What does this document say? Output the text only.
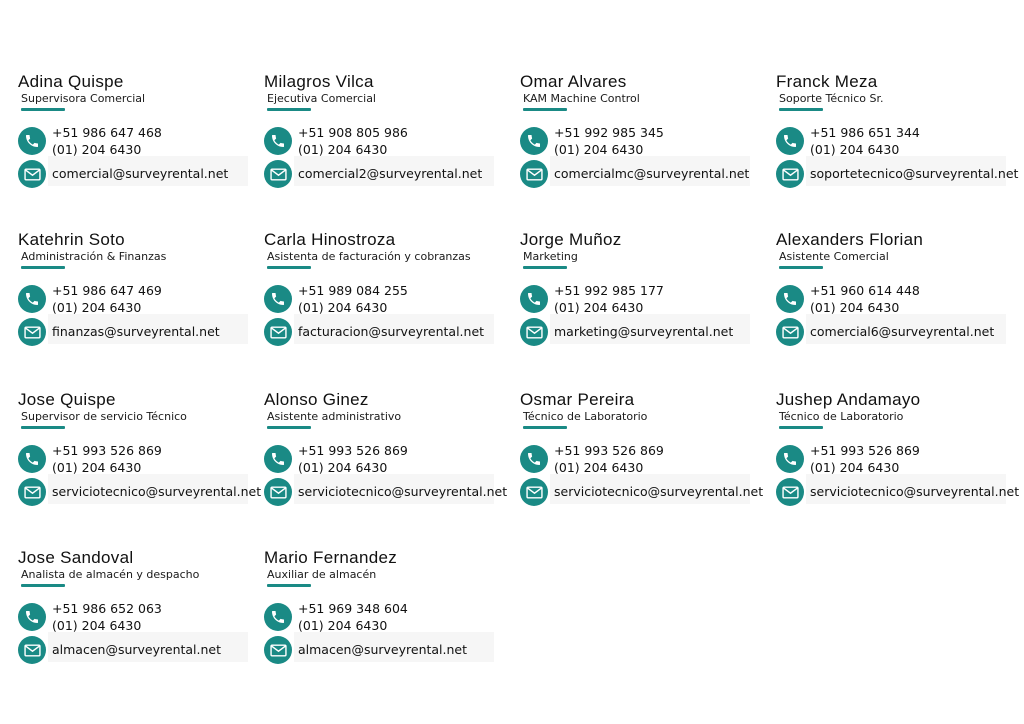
Adina Quispe
Supervisora Comercial
+51 986 647 468
(01) 204 6430
comercial@surveyrental.net
Milagros Vilca
Ejecutiva Comercial
+51 908 805 986
(01) 204 6430
comercial2@surveyrental.net
Omar Alvares
KAM Machine Control
+51 992 985 345
(01) 204 6430
comercialmc@surveyrental.net
Franck Meza
Soporte Técnico Sr.
+51 986 651 344
(01) 204 6430
soportetecnico@surveyrental.net
Katehrin Soto
Administración & Finanzas
+51 986 647 469
(01) 204 6430
finanzas@surveyrental.net
Carla Hinostroza
Asistenta de facturación y cobranzas
+51 989 084 255
(01) 204 6430
facturacion@surveyrental.net
Jorge Muñoz
Marketing
+51 992 985 177
(01) 204 6430
marketing@surveyrental.net
Alexanders Florian
Asistente Comercial
+51 960 614 448
(01) 204 6430
comercial6@surveyrental.net
Jose Quispe
Supervisor de servicio Técnico
+51 993 526 869
(01) 204 6430
serviciotecnico@surveyrental.net
Alonso Ginez
Asistente administrativo
+51 993 526 869
(01) 204 6430
serviciotecnico@surveyrental.net
Osmar Pereira
Técnico de Laboratorio
+51 993 526 869
(01) 204 6430
serviciotecnico@surveyrental.net
Jushep Andamayo
Técnico de Laboratorio
+51 993 526 869
(01) 204 6430
serviciotecnico@surveyrental.net
Jose Sandoval
Analista de almacén y despacho
+51 986 652 063
(01) 204 6430
almacen@surveyrental.net
Mario Fernandez
Auxiliar de almacén
+51 969 348 604
(01) 204 6430
almacen@surveyrental.net
